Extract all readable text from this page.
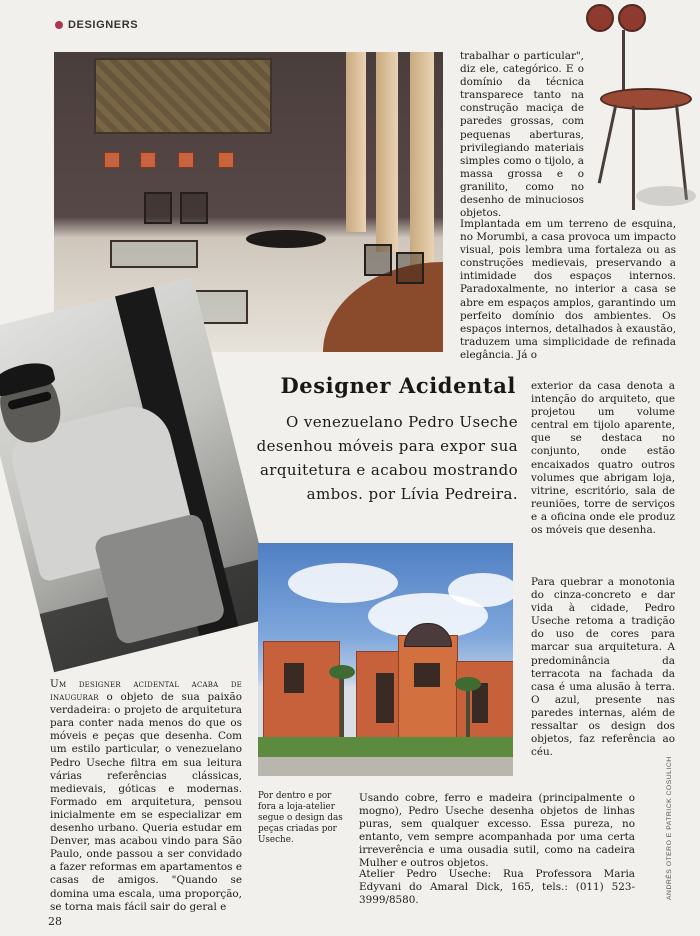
DESIGNERS

trabalhar o particular", diz ele, categórico. E o domínio da técnica transparece tanto na construção maciça de paredes grossas, com pequenas aberturas, privilegiando materiais simples como o tijolo, a massa grossa e o granilito, como no desenho de minuciosos objetos.

Implantada em um terreno de esquina, no Morumbi, a casa provoca um impacto visual, pois lembra uma fortaleza ou as construções medievais, preservando a intimidade dos espaços internos. Paradoxalmente, no interior a casa se abre em espaços amplos, garantindo um perfeito domínio dos ambientes. Os espaços internos, detalhados à exaustão, traduzem uma simplicidade de refinada elegância. Já o

Designer Acidental
O venezuelano Pedro Useche desenhou móveis para expor sua arquitetura e acabou mostrando ambos. por Lívia Pedreira.

exterior da casa denota a intenção do arquiteto, que projetou um volume central em tijolo aparente, que se destaca no conjunto, onde estão encaixados quatro outros volumes que abrigam loja, vitrine, escritório, sala de reuniões, torre de serviços e a oficina onde ele produz os móveis que desenha.

Para quebrar a monotonia do cinza-concreto e dar vida à cidade, Pedro Useche retoma a tradição do uso de cores para marcar sua arquitetura. A predominância da terracota na fachada da casa é uma alusão à terra. O azul, presente nas paredes internas, além de ressaltar os design dos objetos, faz referência ao céu.

Um designer acidental acaba de inaugurar o objeto de sua paixão verdadeira: o projeto de arquitetura para conter nada menos do que os móveis e peças que desenha. Com um estilo particular, o venezuelano Pedro Useche filtra em sua leitura várias referências clássicas, medievais, góticas e modernas. Formado em arquitetura, pensou inicialmente em se especializar em desenho urbano. Queria estudar em Denver, mas acabou vindo para São Paulo, onde passou a ser convidado a fazer reformas em apartamentos e casas de amigos. "Quando se domina uma escala, uma proporção, se torna mais fácil sair do geral e

Por dentro e por fora a loja-atelier segue o design das peças criadas por Useche.

Usando cobre, ferro e madeira (principalmente o mogno), Pedro Useche desenha objetos de linhas puras, sem qualquer excesso. Essa pureza, no entanto, vem sempre acompanhada por uma certa irreverência e uma ousadia sutil, como na cadeira Mulher e outros objetos.

Atelier Pedro Useche: Rua Professora Maria Edyvani do Amaral Dick, 165, tels.: (011) 523-3999/8580.
ANDRÉS OTERO E PATRICK COSULICH
28
